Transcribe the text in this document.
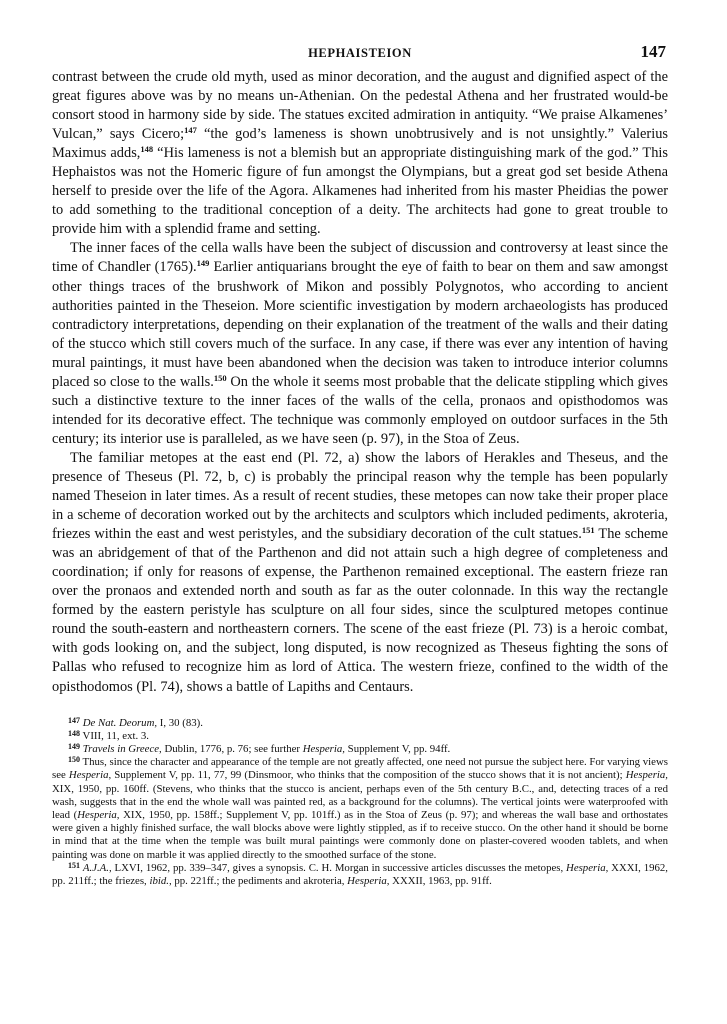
HEPHAISTEION	147

contrast between the crude old myth, used as minor decoration, and the august and dignified aspect of the great figures above was by no means un-Athenian. On the pedestal Athena and her frustrated would-be consort stood in harmony side by side. The statues excited admiration in antiquity. “We praise Alkamenes’ Vulcan,” says Cicero;$^{147}$ “the god’s lameness is shown unobtrusively and is not unsightly.” Valerius Maximus adds,$^{148}$ “His lameness is not a blemish but an appropriate distinguishing mark of the god.” This Hephaistos was not the Homeric figure of fun amongst the Olympians, but a great god set beside Athena herself to preside over the life of the Agora. Alkamenes had inherited from his master Pheidias the power to add something to the traditional conception of a deity. The architects had gone to great trouble to provide him with a splendid frame and setting.

The inner faces of the cella walls have been the subject of discussion and controversy at least since the time of Chandler (1765).$^{149}$ Earlier antiquarians brought the eye of faith to bear on them and saw amongst other things traces of the brushwork of Mikon and possibly Polygnotos, who according to ancient authorities painted in the Theseion. More scientific investigation by modern archaeologists has produced contradictory interpretations, depending on their explanation of the treatment of the walls and their dating of the stucco which still covers much of the surface. In any case, if there was ever any intention of having mural paintings, it must have been abandoned when the decision was taken to introduce interior columns placed so close to the walls.$^{150}$ On the whole it seems most probable that the delicate stippling which gives such a distinctive texture to the inner faces of the walls of the cella, pronaos and opisthodomos was intended for its decorative effect. The technique was commonly employed on outdoor surfaces in the 5th century; its interior use is paralleled, as we have seen (p. 97), in the Stoa of Zeus.

The familiar metopes at the east end (Pl. 72, a) show the labors of Herakles and Theseus, and the presence of Theseus (Pl. 72, b, c) is probably the principal reason why the temple has been popularly named Theseion in later times. As a result of recent studies, these metopes can now take their proper place in a scheme of decoration worked out by the architects and sculptors which included pediments, akroteria, friezes within the east and west peristyles, and the subsidiary decoration of the cult statues.$^{151}$ The scheme was an abridgement of that of the Parthenon and did not attain such a high degree of completeness and coordination; if only for reasons of expense, the Parthenon remained exceptional. The eastern frieze ran over the pronaos and extended north and south as far as the outer colonnade. In this way the rectangle formed by the eastern peristyle has sculpture on all four sides, since the sculptured metopes continue round the south-eastern and northeastern corners. The scene of the east frieze (Pl. 73) is a heroic combat, with gods looking on, and the subject, long disputed, is now recognized as Theseus fighting the sons of Pallas who refused to recognize him as lord of Attica. The western frieze, confined to the width of the opisthodomos (Pl. 74), shows a battle of Lapiths and Centaurs.

$^{147}$ De Nat. Deorum, I, 30 (83).

$^{148}$ VIII, 11, ext. 3.

$^{149}$ Travels in Greece, Dublin, 1776, p. 76; see further Hesperia, Supplement V, pp. 94ff.

$^{150}$ Thus, since the character and appearance of the temple are not greatly affected, one need not pursue the subject here. For varying views see Hesperia, Supplement V, pp. 11, 77, 99 (Dinsmoor, who thinks that the composition of the stucco shows that it is not ancient); Hesperia, XIX, 1950, pp. 160ff. (Stevens, who thinks that the stucco is ancient, perhaps even of the 5th century B.C., and, detecting traces of a red wash, suggests that in the end the whole wall was painted red, as a background for the columns). The vertical joints were waterproofed with lead (Hesperia, XIX, 1950, pp. 158ff.; Supplement V, pp. 101ff.) as in the Stoa of Zeus (p. 97); and whereas the wall base and orthostates were given a highly finished surface, the wall blocks above were lightly stippled, as if to receive stucco. On the other hand it should be borne in mind that at the time when the temple was built mural paintings were commonly done on plaster-covered wooden tablets, and when painting was done on marble it was applied directly to the smoothed surface of the stone.

$^{151}$ A.J.A., LXVI, 1962, pp. 339–347, gives a synopsis. C. H. Morgan in successive articles discusses the metopes, Hesperia, XXXI, 1962, pp. 211ff.; the friezes, ibid., pp. 221ff.; the pediments and akroteria, Hesperia, XXXII, 1963, pp. 91ff.
